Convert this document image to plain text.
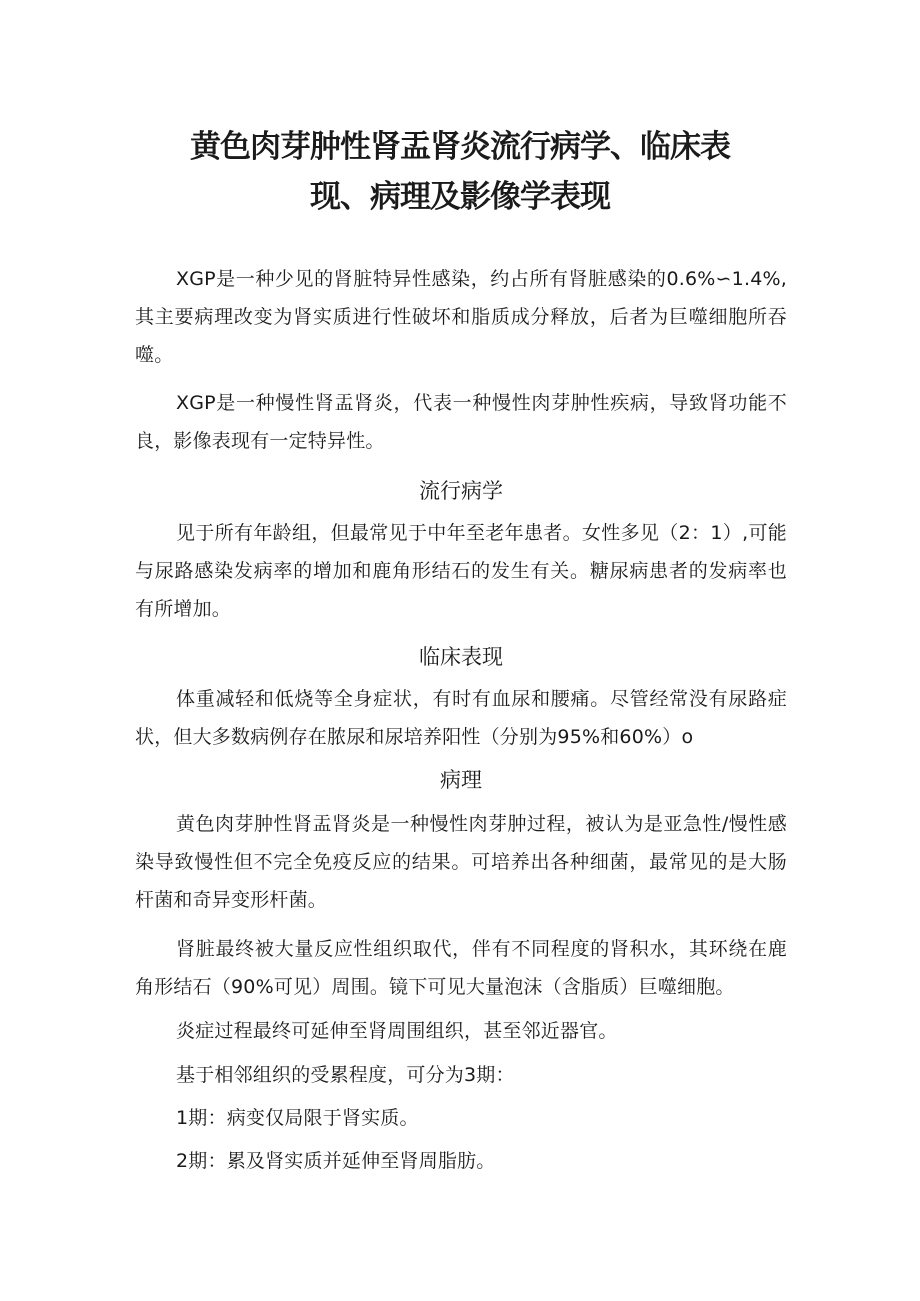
黄色肉芽肿性肾盂肾炎流行病学、临床表
现、病理及影像学表现

XGP是一种少见的肾脏特异性感染，约占所有肾脏感染的0.6%∽1.4%,其主要病理改变为肾实质进行性破坏和脂质成分释放，后者为巨噬细胞所吞噬。

XGP是一种慢性肾盂肾炎，代表一种慢性肉芽肿性疾病，导致肾功能不良，影像表现有一定特异性。

流行病学

见于所有年龄组，但最常见于中年至老年患者。女性多见（2：1）,可能与尿路感染发病率的增加和鹿角形结石的发生有关。糖尿病患者的发病率也有所增加。

临床表现

体重减轻和低烧等全身症状，有时有血尿和腰痛。尽管经常没有尿路症状，但大多数病例存在脓尿和尿培养阳性（分别为95%和60%）o

病理

黄色肉芽肿性肾盂肾炎是一种慢性肉芽肿过程，被认为是亚急性/慢性感染导致慢性但不完全免疫反应的结果。可培养出各种细菌，最常见的是大肠杆菌和奇异变形杆菌。

肾脏最终被大量反应性组织取代，伴有不同程度的肾积水，其环绕在鹿角形结石（90%可见）周围。镜下可见大量泡沫（含脂质）巨噬细胞。

炎症过程最终可延伸至肾周围组织，甚至邻近器官。

基于相邻组织的受累程度，可分为3期：

1期：病变仅局限于肾实质。

2期：累及肾实质并延伸至肾周脂肪。
